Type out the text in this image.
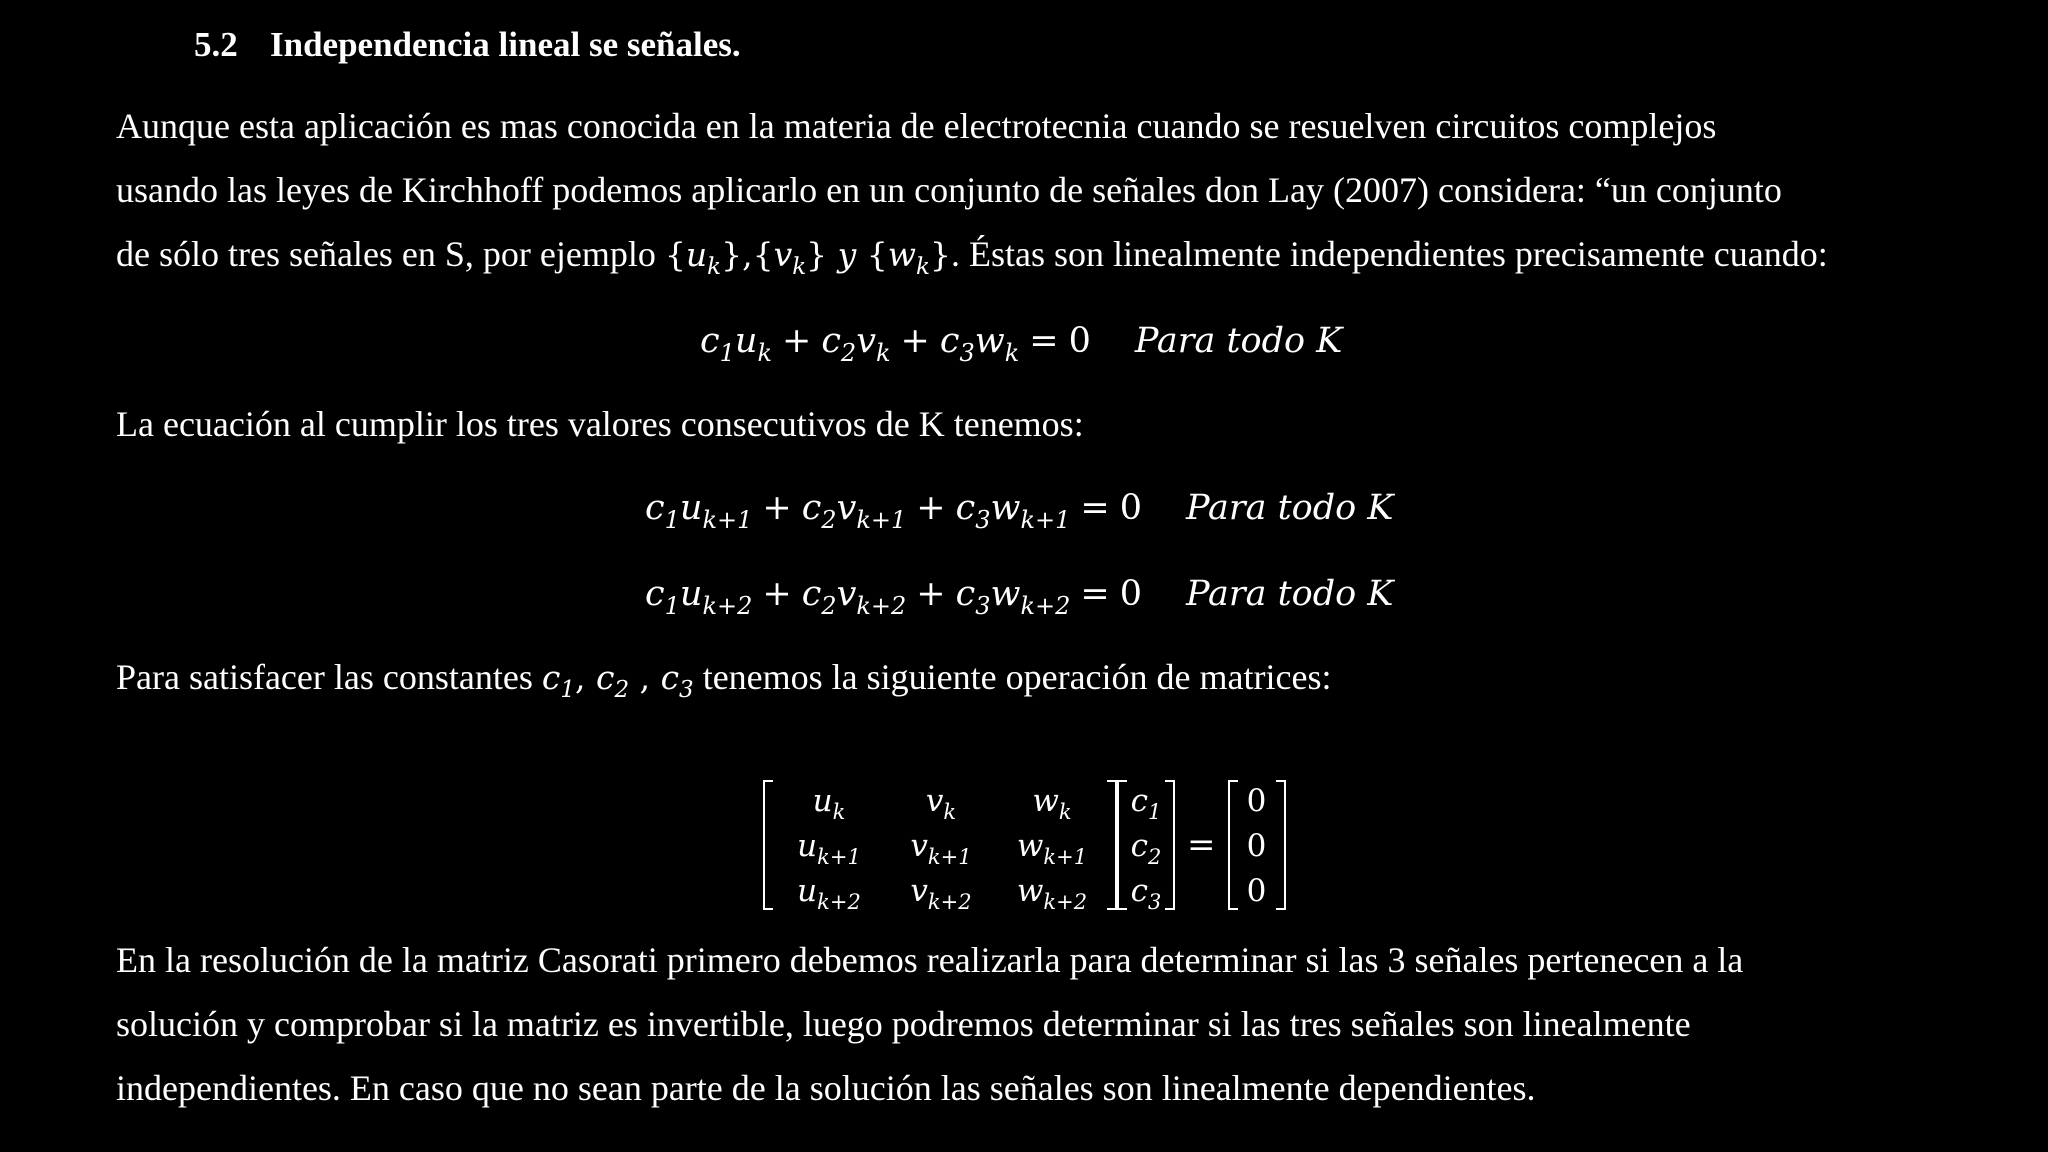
5.2 Independencia lineal se señales.
Aunque esta aplicación es mas conocida en la materia de electrotecnia cuando se resuelven circuitos complejos
usando las leyes de Kirchhoff podemos aplicarlo en un conjunto de señales don Lay (2007) considera: “un conjunto
de sólo tres señales en S, por ejemplo $\{u_k\},\{v_k\}$ y $\{w_k\}$. Éstas son linealmente independientes precisamente cuando:
$c_1u_k + c_2v_k + c_3w_k = 0$ Para todo K
La ecuación al cumplir los tres valores consecutivos de K tenemos:
$c_1u_{k+1} + c_2v_{k+1} + c_3w_{k+1} = 0$ Para todo K
$c_1u_{k+2} + c_2v_{k+2} + c_3w_{k+2} = 0$ Para todo K
Para satisfacer las constantes $c_1$, $c_2$ , $c_3$ tenemos la siguiente operación de matrices:
$u_k$	$v_k$	$w_k$
$u_{k+1}$	$v_{k+1}$	$w_{k+1}$
$u_{k+2}$	$v_{k+2}$	$w_{k+2}$
$c_1$
$c_2$
$c_3$
=
0
0
0
En la resolución de la matriz Casorati primero debemos realizarla para determinar si las 3 señales pertenecen a la
solución y comprobar si la matriz es invertible, luego podremos determinar si las tres señales son linealmente
independientes. En caso que no sean parte de la solución las señales son linealmente dependientes.
